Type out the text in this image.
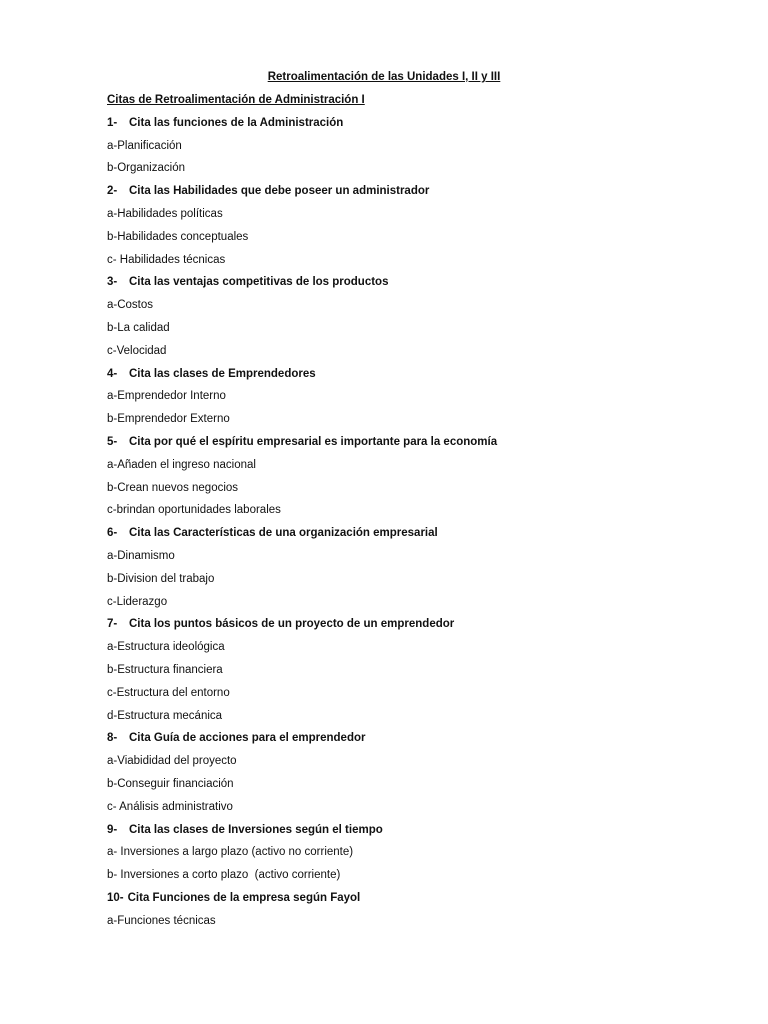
Retroalimentación de las Unidades I, II y III
Citas de Retroalimentación de Administración I
1- Cita las funciones de la Administración
a-Planificación
b-Organización
2- Cita las Habilidades que debe poseer un administrador
a-Habilidades políticas
b-Habilidades conceptuales
c- Habilidades técnicas
3- Cita las ventajas competitivas de los productos
a-Costos
b-La calidad
c-Velocidad
4- Cita las clases de Emprendedores
a-Emprendedor Interno
b-Emprendedor Externo
5- Cita por qué el espíritu empresarial es importante para la economía
a-Añaden el ingreso nacional
b-Crean nuevos negocios
c-brindan oportunidades laborales
6- Cita las Características de una organización empresarial
a-Dinamismo
b-Division del trabajo
c-Liderazgo
7- Cita los puntos básicos de un proyecto de un emprendedor
a-Estructura ideológica
b-Estructura financiera
c-Estructura del entorno
d-Estructura mecánica
8- Cita Guía de acciones para el emprendedor
a-Viabididad del proyecto
b-Conseguir financiación
c- Análisis administrativo
9- Cita las clases de Inversiones según el tiempo
a- Inversiones a largo plazo (activo no corriente)
b- Inversiones a corto plazo  (activo corriente)
10- Cita Funciones de la empresa según Fayol
a-Funciones técnicas
